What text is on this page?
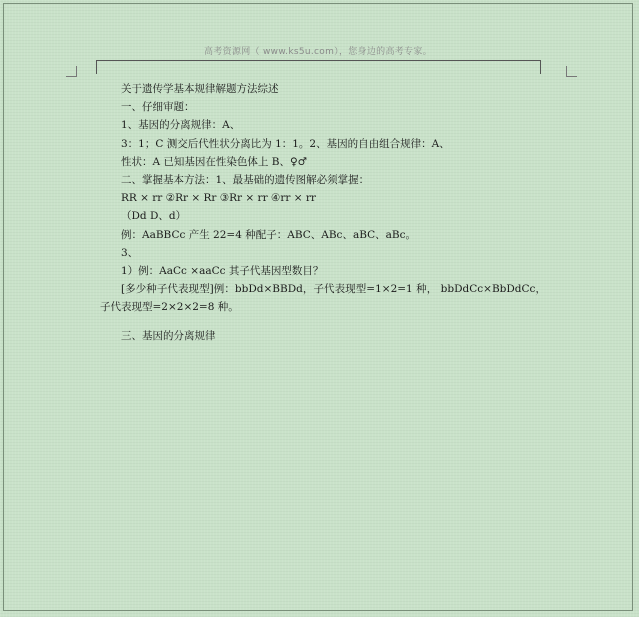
高考资源网（ www.ks5u.com），您身边的高考专家。

关于遗传学基本规律解题方法综述

一、仔细审题：

1、基因的分离规律：A、

3：1；C 测交后代性状分离比为 1：1。2、基因的自由组合规律：A、

性状：A 已知基因在性染色体上 B、♀♂

二、掌握基本方法：1、最基础的遗传图解必须掌握：

RR × rr ②Rr × Rr ③Rr × rr ④rr × rr

（Dd D、d）

例：AaBBCc 产生 22=4 种配子：ABC、ABc、aBC、aBc。

3、

1）例：AaCc ×aaCc 其子代基因型数目？

[多少种子代表现型]例：bbDd×BBDd，子代表现型=1×2=1 种， bbDdCc×BbDdCc，子代表现型=2×2×2=8 种。

三、基因的分离规律
